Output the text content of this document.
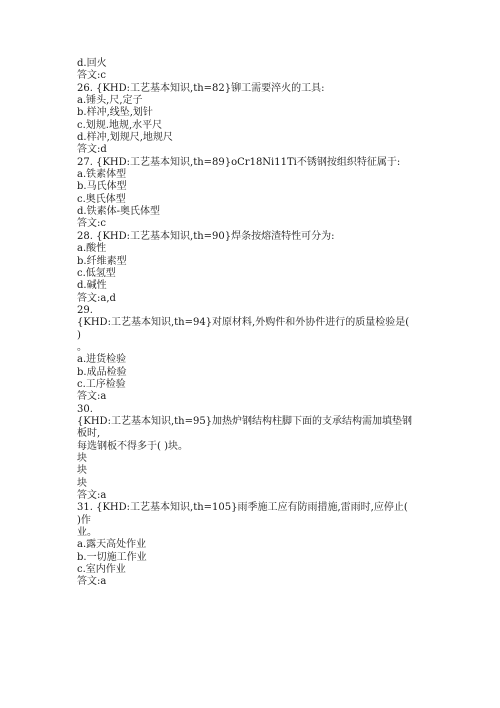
d.回火
答文:c
26. {KHD:工艺基本知识,th=82}铆工需要淬火的工具:
a.锤头,尺,定子
b.样冲,线坠,划针
c.划规.地规,水平尺
d.样冲,划规尺,地规尺
答文:d
27. {KHD:工艺基本知识,th=89}oCr18Ni11Ti不锈钢按组织特征属于:
a.铁素体型
b.马氏体型
c.奥氏体型
d.铁素体-奥氏体型
答文:c
28. {KHD:工艺基本知识,th=90}焊条按熔渣特性可分为:
a.酸性
b.纤维素型
c.低氢型
d.碱性
答文:a,d
29.
{KHD:工艺基本知识,th=94}对原材料,外购件和外协件进行的质量检验是(
)
。
a.进货检验
b.成品检验
c.工序检验
答文:a
30.
{KHD:工艺基本知识,th=95}加热炉钢结构柱脚下面的支承结构需加填垫钢
板时,
每选钢板不得多于( )块。
块
块
块
答文:a
31. {KHD:工艺基本知识,th=105}雨季施工应有防雨措施,雷雨时,应停止(
)作
业。
a.露天高处作业
b.一切施工作业
c.室内作业
答文:a
